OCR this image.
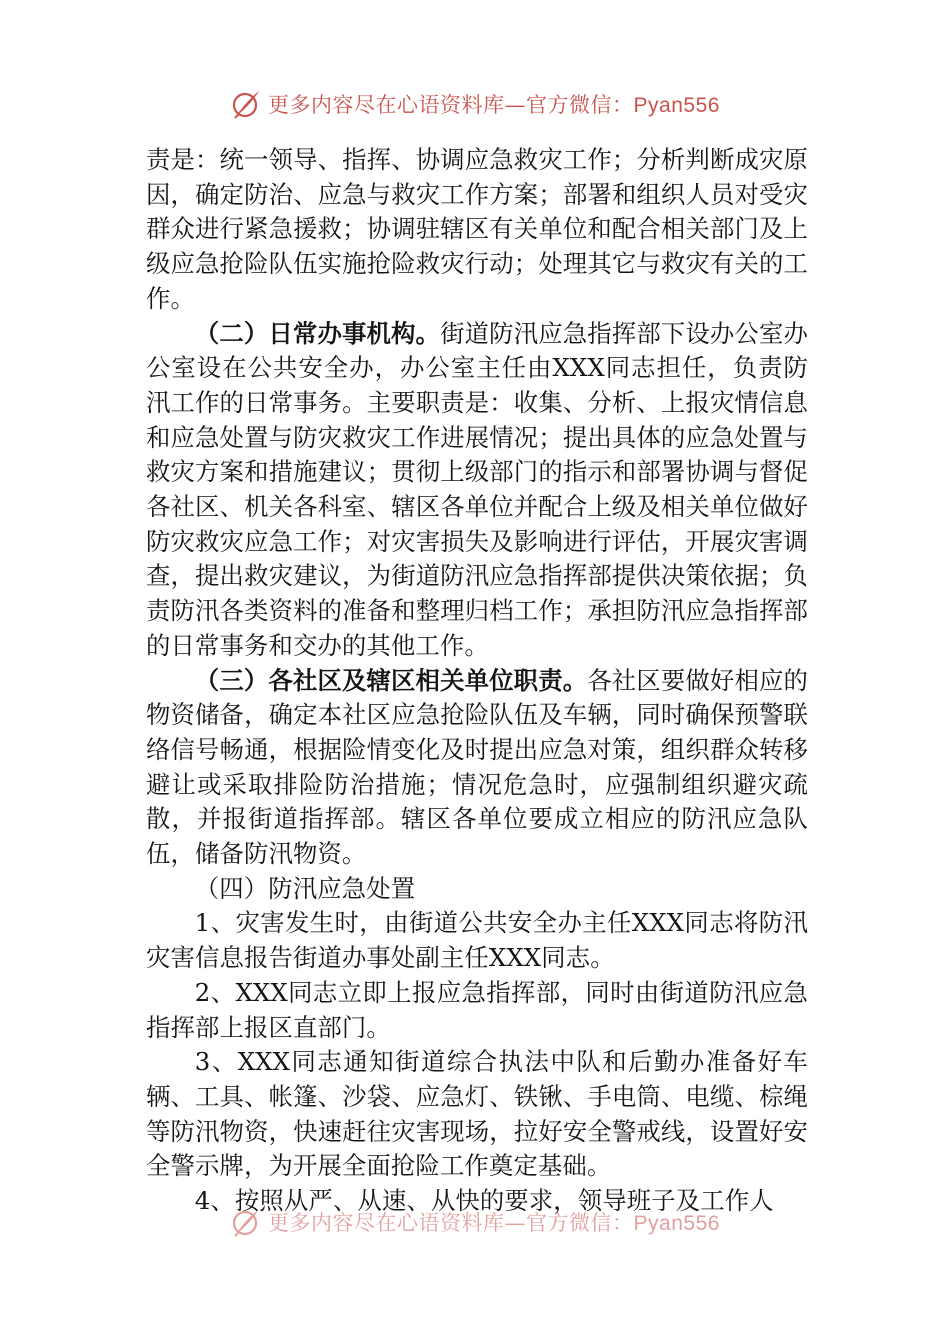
更多内容尽在心语资料库—官方微信：Pyan556

责是：统一领导、指挥、协调应急救灾工作；分析判断成灾原因，确定防治、应急与救灾工作方案；部署和组织人员对受灾群众进行紧急援救；协调驻辖区有关单位和配合相关部门及上级应急抢险队伍实施抢险救灾行动；处理其它与救灾有关的工作。

（二）日常办事机构。街道防汛应急指挥部下设办公室办公室设在公共安全办，办公室主任由XXX同志担任，负责防汛工作的日常事务。主要职责是：收集、分析、上报灾情信息和应急处置与防灾救灾工作进展情况；提出具体的应急处置与救灾方案和措施建议；贯彻上级部门的指示和部署协调与督促各社区、机关各科室、辖区各单位并配合上级及相关单位做好防灾救灾应急工作；对灾害损失及影响进行评估，开展灾害调查，提出救灾建议，为街道防汛应急指挥部提供决策依据；负责防汛各类资料的准备和整理归档工作；承担防汛应急指挥部的日常事务和交办的其他工作。

（三）各社区及辖区相关单位职责。各社区要做好相应的物资储备，确定本社区应急抢险队伍及车辆，同时确保预警联络信号畅通，根据险情变化及时提出应急对策，组织群众转移避让或采取排险防治措施；情况危急时，应强制组织避灾疏散，并报街道指挥部。辖区各单位要成立相应的防汛应急队伍，储备防汛物资。

（四）防汛应急处置

1、灾害发生时，由街道公共安全办主任XXX同志将防汛灾害信息报告街道办事处副主任XXX同志。

2、XXX同志立即上报应急指挥部，同时由街道防汛应急指挥部上报区直部门。

3、XXX同志通知街道综合执法中队和后勤办准备好车辆、工具、帐篷、沙袋、应急灯、铁锹、手电筒、电缆、棕绳等防汛物资，快速赶往灾害现场，拉好安全警戒线，设置好安全警示牌，为开展全面抢险工作奠定基础。

4、按照从严、从速、从快的要求，领导班子及工作人

更多内容尽在心语资料库—官方微信：Pyan556
